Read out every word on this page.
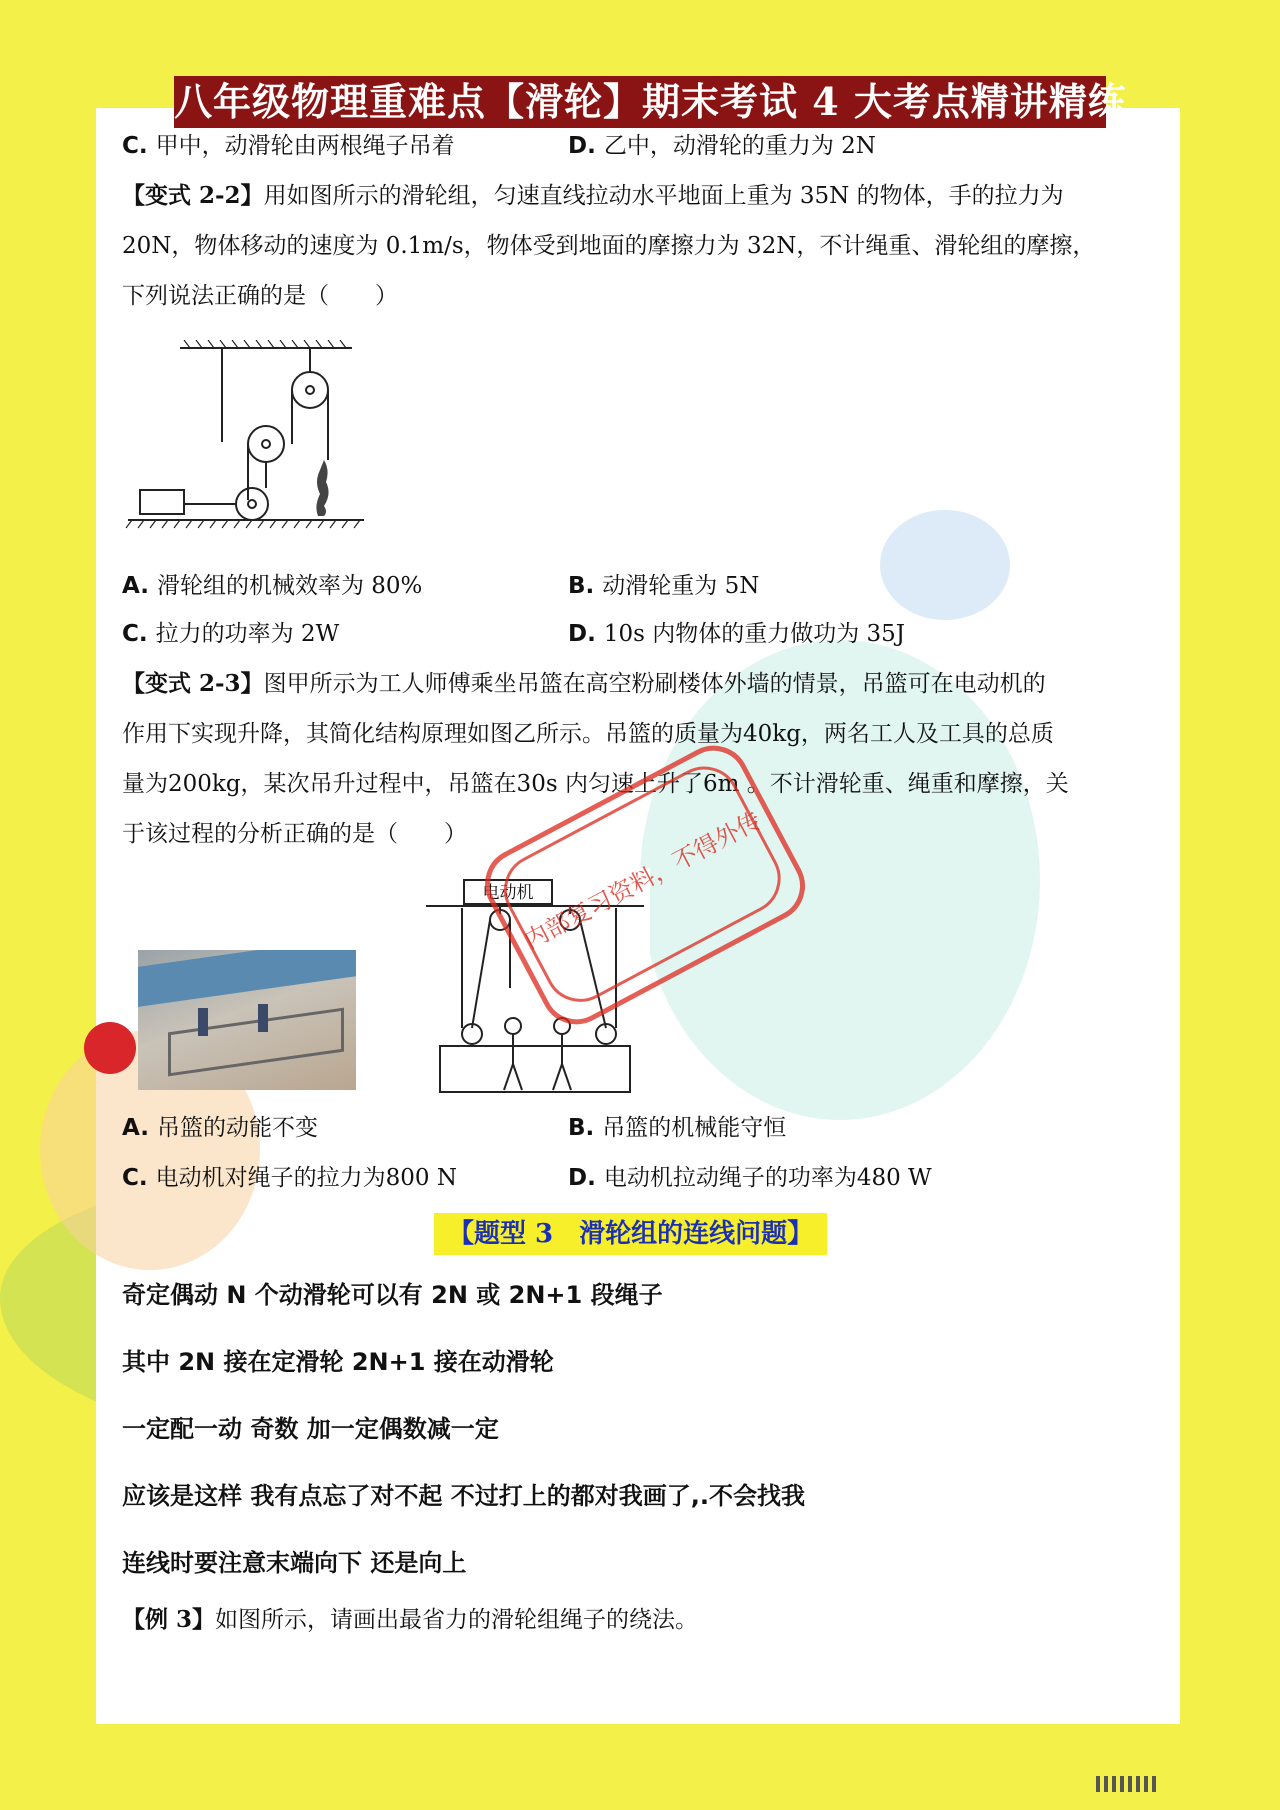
八年级物理重难点【滑轮】期末考试 4 大考点精讲精练
C. 甲中，动滑轮由两根绳子吊着	D. 乙中，动滑轮的重力为 2N
【变式 2-2】用如图所示的滑轮组，匀速直线拉动水平地面上重为 35N 的物体，手的拉力为
20N，物体移动的速度为 0.1m/s，物体受到地面的摩擦力为 32N，不计绳重、滑轮组的摩擦，
下列说法正确的是（　　）
A. 滑轮组的机械效率为 80%	B. 动滑轮重为 5N
C. 拉力的功率为 2W	D. 10s 内物体的重力做功为 35J
【变式 2-3】图甲所示为工人师傅乘坐吊篮在高空粉刷楼体外墙的情景，吊篮可在电动机的
作用下实现升降，其简化结构原理如图乙所示。吊篮的质量为40kg，两名工人及工具的总质
量为200kg，某次吊升过程中，吊篮在30s 内匀速上升了6m 。不计滑轮重、绳重和摩擦，关
于该过程的分析正确的是（　　）
电动机
A. 吊篮的动能不变	B. 吊篮的机械能守恒
C. 电动机对绳子的拉力为800 N	D. 电动机拉动绳子的功率为480 W
【题型 3　滑轮组的连线问题】
奇定偶动 N 个动滑轮可以有 2N 或 2N+1 段绳子
其中 2N 接在定滑轮 2N+1 接在动滑轮
一定配一动 奇数 加一定偶数减一定
应该是这样 我有点忘了对不起 不过打上的都对我画了,.不会找我
连线时要注意末端向下 还是向上
【例 3】如图所示，请画出最省力的滑轮组绳子的绕法。
内部复习资料，不得外传
